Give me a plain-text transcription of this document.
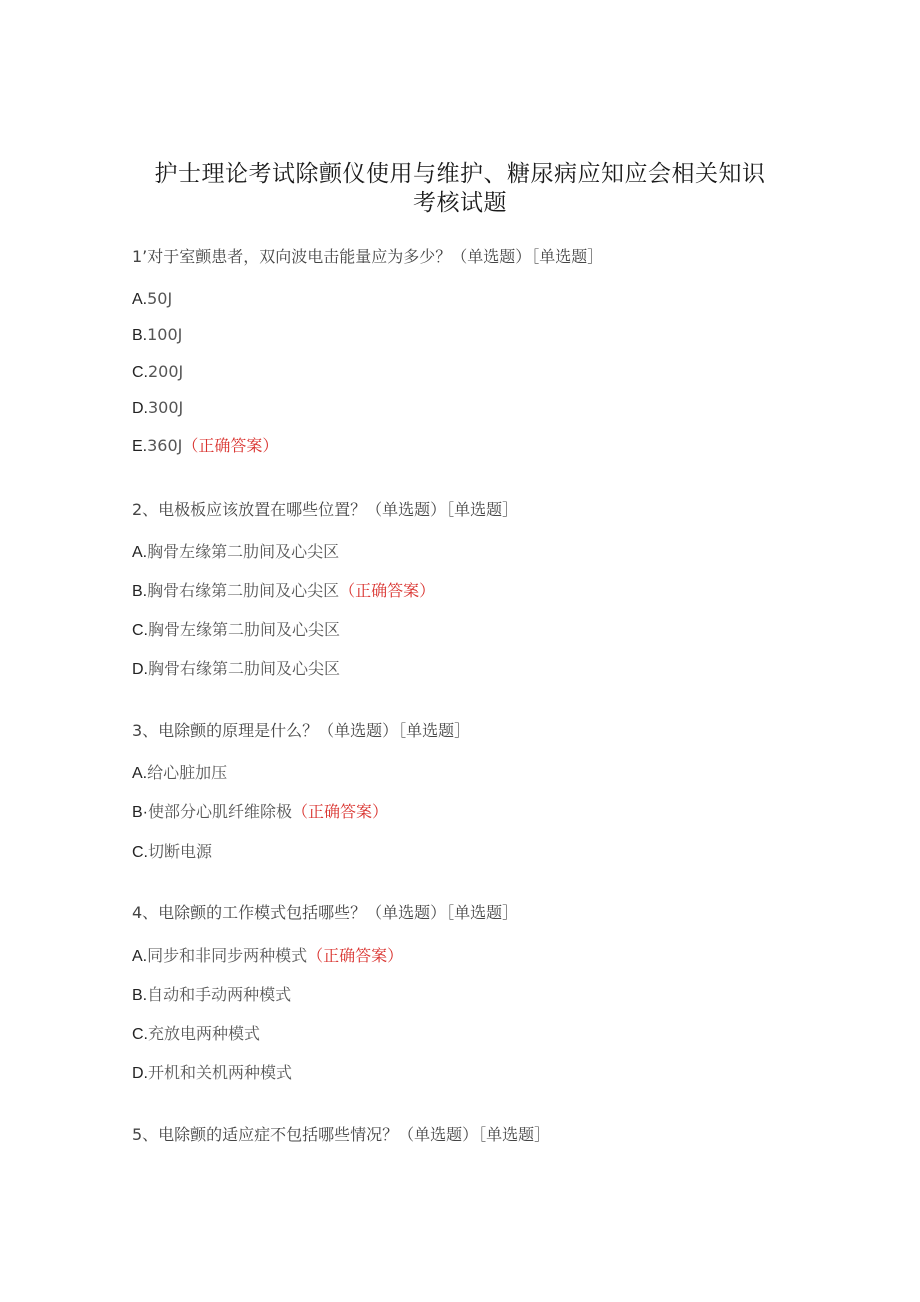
护士理论考试除颤仪使用与维护、糖尿病应知应会相关知识
考核试题
1’对于室颤患者，双向波电击能量应为多少？（单选题）［单选题］
A.50J
B.100J
C.200J
D.300J
E.360J（正确答案）
2、电极板应该放置在哪些位置？（单选题）［单选题］
A.胸骨左缘第二肋间及心尖区
B.胸骨右缘第二肋间及心尖区（正确答案）
C.胸骨左缘第二肋间及心尖区
D.胸骨右缘第二肋间及心尖区
3、电除颤的原理是什么？（单选题）［单选题］
A.给心脏加压
B·使部分心肌纤维除极（正确答案）
C.切断电源
4、电除颤的工作模式包括哪些？（单选题）［单选题］
A.同步和非同步两种模式（正确答案）
B.自动和手动两种模式
C.充放电两种模式
D.开机和关机两种模式
5、电除颤的适应症不包括哪些情况？（单选题）［单选题］
